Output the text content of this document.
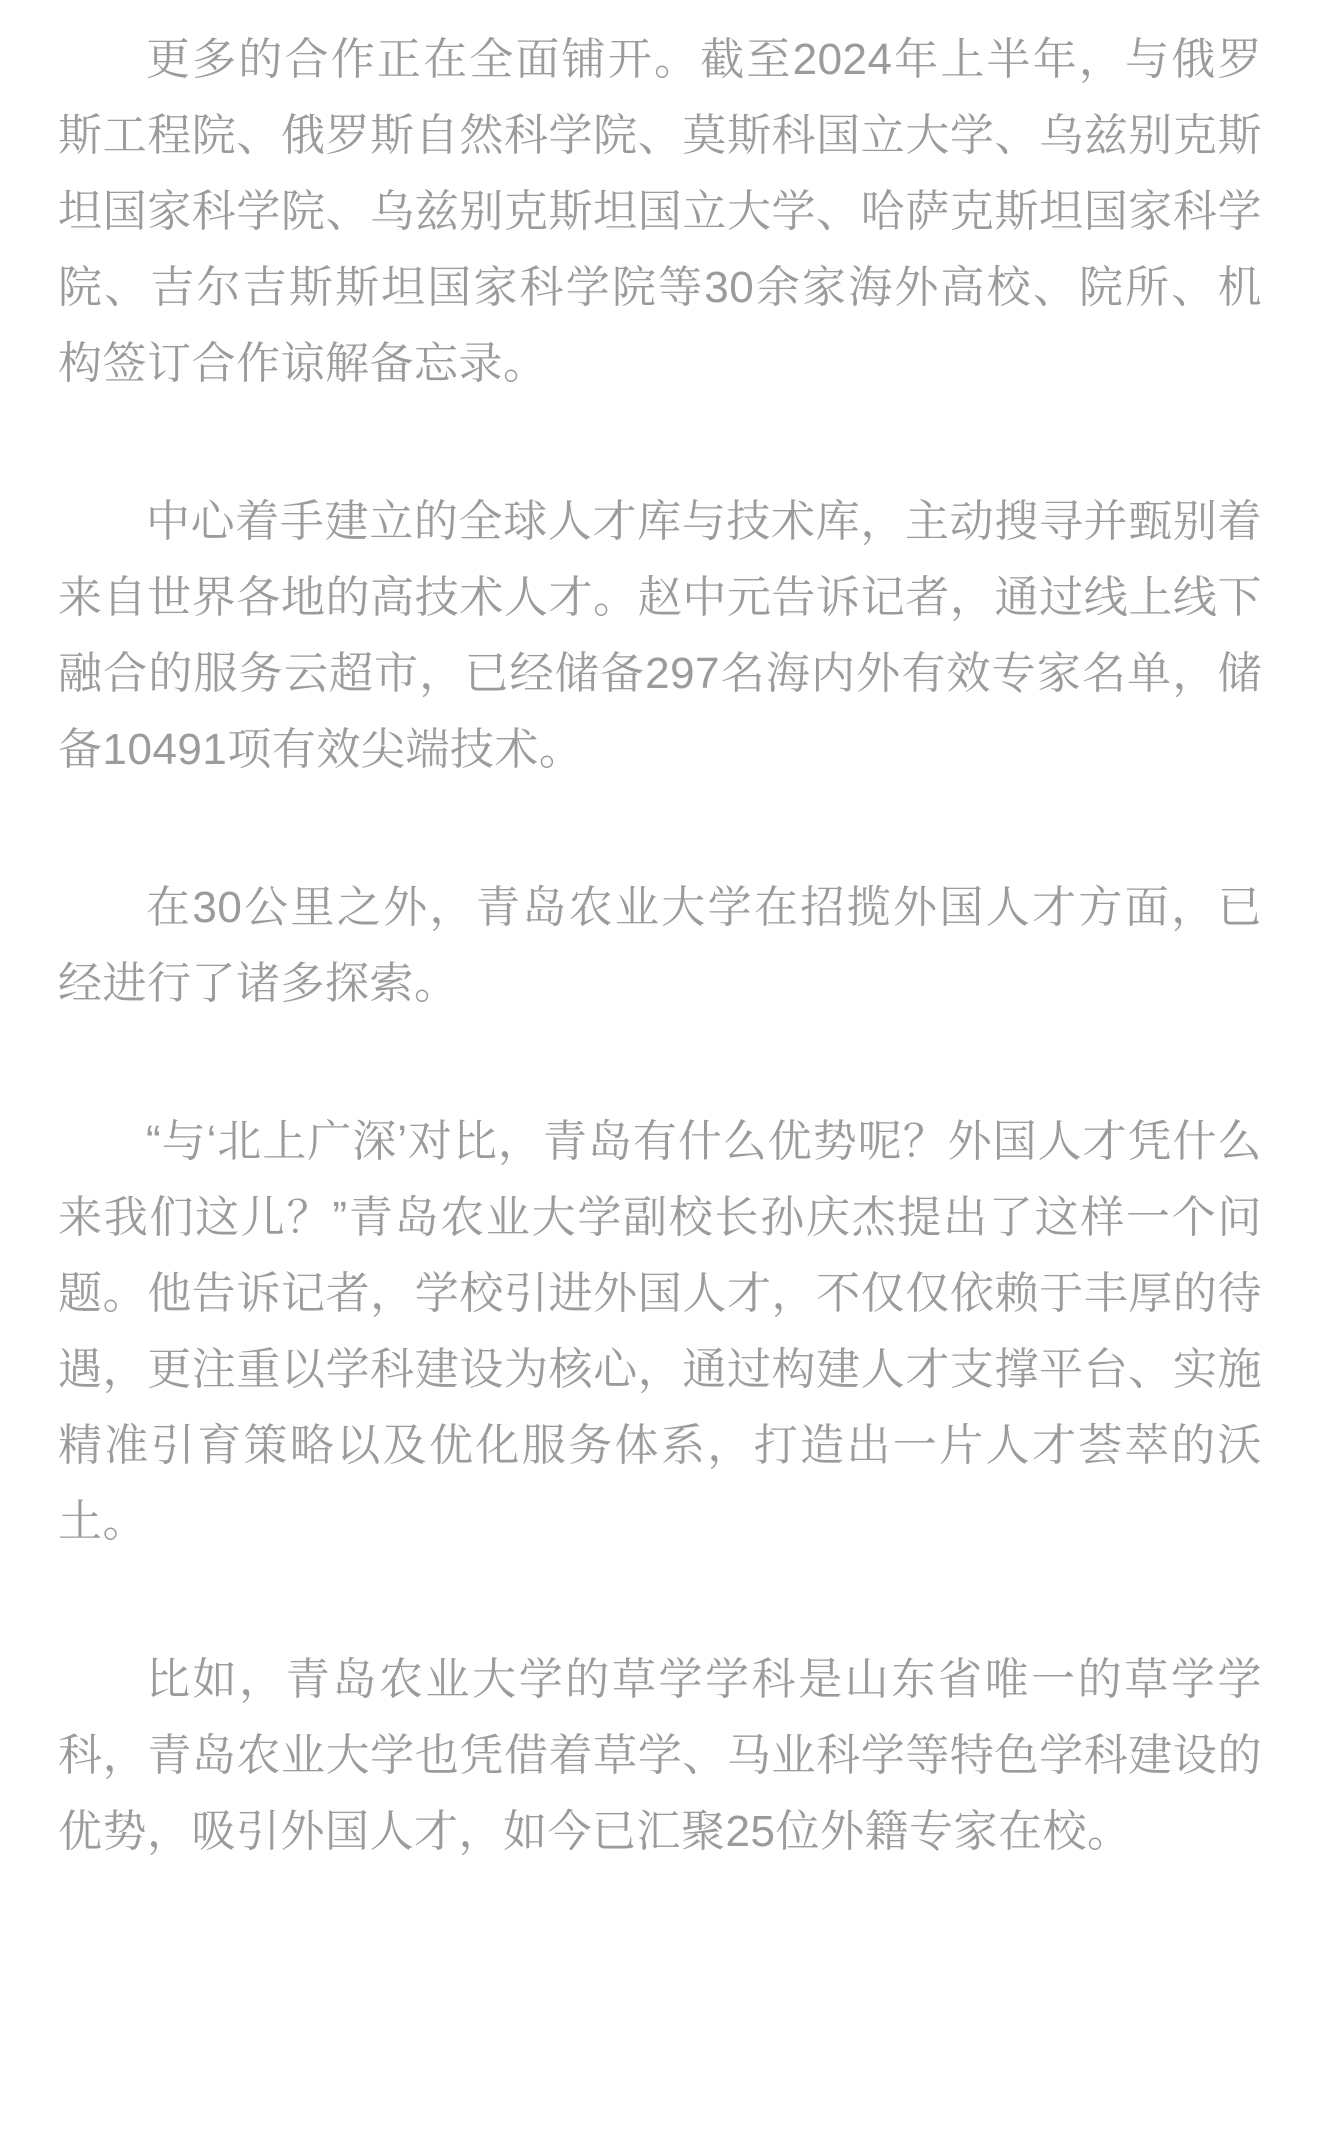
更多的合作正在全面铺开。截至2024年上半年，与俄罗斯工程院、俄罗斯自然科学院、莫斯科国立大学、乌兹别克斯坦国家科学院、乌兹别克斯坦国立大学、哈萨克斯坦国家科学院、吉尔吉斯斯坦国家科学院等30余家海外高校、院所、机构签订合作谅解备忘录。

中心着手建立的全球人才库与技术库，主动搜寻并甄别着来自世界各地的高技术人才。赵中元告诉记者，通过线上线下融合的服务云超市，已经储备297名海内外有效专家名单，储备10491项有效尖端技术。

在30公里之外，青岛农业大学在招揽外国人才方面，已经进行了诸多探索。

“与‘北上广深’对比，青岛有什么优势呢？外国人才凭什么来我们这儿？”青岛农业大学副校长孙庆杰提出了这样一个问题。他告诉记者，学校引进外国人才，不仅仅依赖于丰厚的待遇，更注重以学科建设为核心，通过构建人才支撑平台、实施精准引育策略以及优化服务体系，打造出一片人才荟萃的沃土。

比如，青岛农业大学的草学学科是山东省唯一的草学学科，青岛农业大学也凭借着草学、马业科学等特色学科建设的优势，吸引外国人才，如今已汇聚25位外籍专家在校。
